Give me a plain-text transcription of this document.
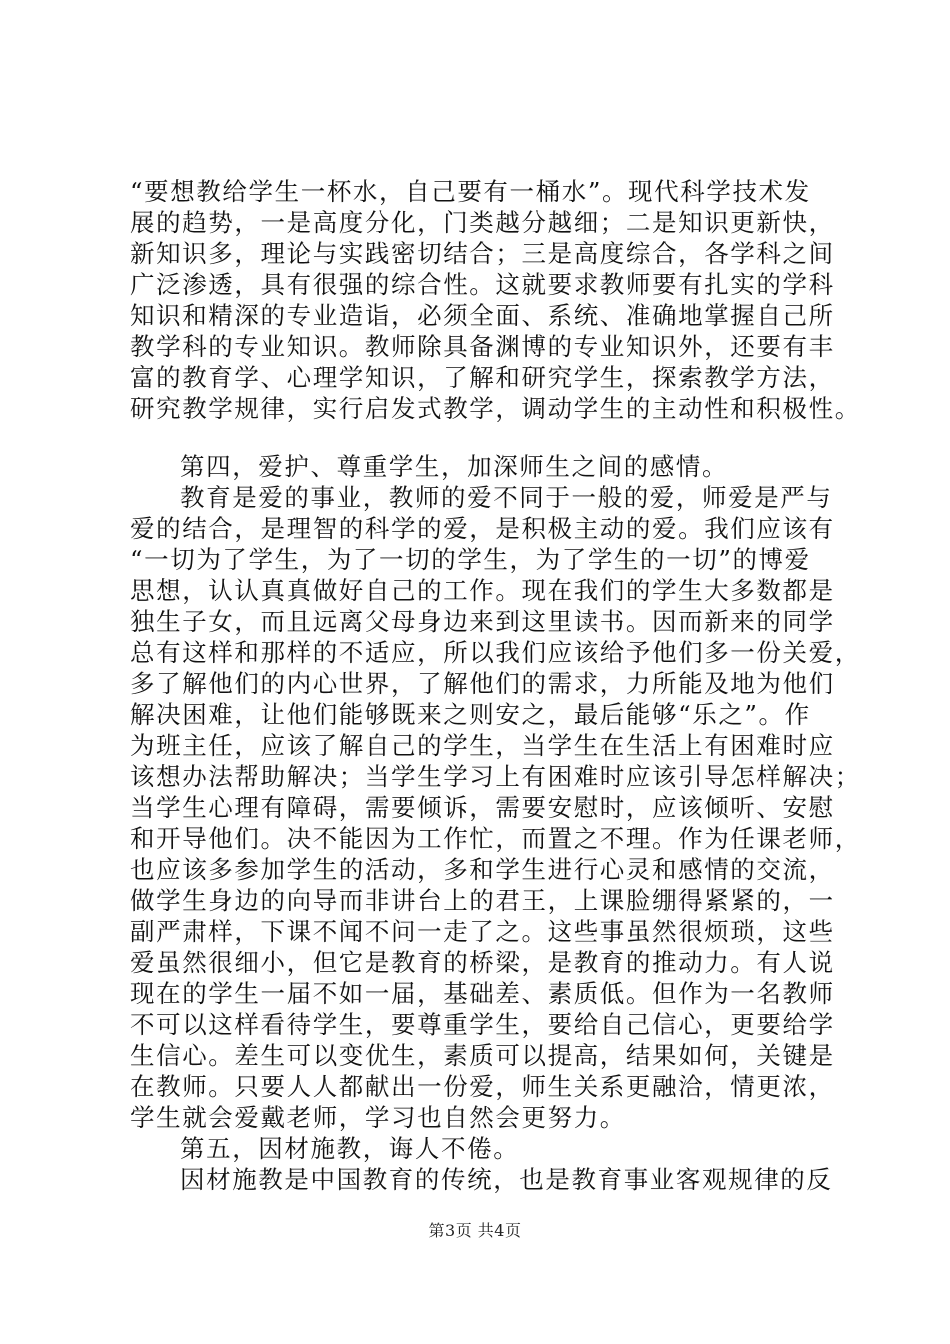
“要想教给学生一杯水，自己要有一桶水”。现代科学技术发
展的趋势，一是高度分化，门类越分越细；二是知识更新快，
新知识多，理论与实践密切结合；三是高度综合，各学科之间
广泛渗透，具有很强的综合性。这就要求教师要有扎实的学科
知识和精深的专业造诣，必须全面、系统、准确地掌握自己所
教学科的专业知识。教师除具备渊博的专业知识外，还要有丰
富的教育学、心理学知识，了解和研究学生，探索教学方法，
研究教学规律，实行启发式教学，调动学生的主动性和积极性。
第四，爱护、尊重学生，加深师生之间的感情。
教育是爱的事业，教师的爱不同于一般的爱，师爱是严与
爱的结合，是理智的科学的爱，是积极主动的爱。我们应该有
“一切为了学生，为了一切的学生，为了学生的一切”的博爱
思想，认认真真做好自己的工作。现在我们的学生大多数都是
独生子女，而且远离父母身边来到这里读书。因而新来的同学
总有这样和那样的不适应，所以我们应该给予他们多一份关爱，
多了解他们的内心世界，了解他们的需求，力所能及地为他们
解决困难，让他们能够既来之则安之，最后能够“乐之”。作
为班主任，应该了解自己的学生，当学生在生活上有困难时应
该想办法帮助解决；当学生学习上有困难时应该引导怎样解决；
当学生心理有障碍，需要倾诉，需要安慰时，应该倾听、安慰
和开导他们。决不能因为工作忙，而置之不理。作为任课老师，
也应该多参加学生的活动，多和学生进行心灵和感情的交流，
做学生身边的向导而非讲台上的君王，上课脸绷得紧紧的，一
副严肃样，下课不闻不问一走了之。这些事虽然很烦琐，这些
爱虽然很细小，但它是教育的桥梁，是教育的推动力。有人说
现在的学生一届不如一届，基础差、素质低。但作为一名教师
不可以这样看待学生，要尊重学生，要给自己信心，更要给学
生信心。差生可以变优生，素质可以提高，结果如何，关键是
在教师。只要人人都献出一份爱，师生关系更融洽，情更浓，
学生就会爱戴老师，学习也自然会更努力。
第五，因材施教，诲人不倦。
因材施教是中国教育的传统，也是教育事业客观规律的反
第3页 共4页
